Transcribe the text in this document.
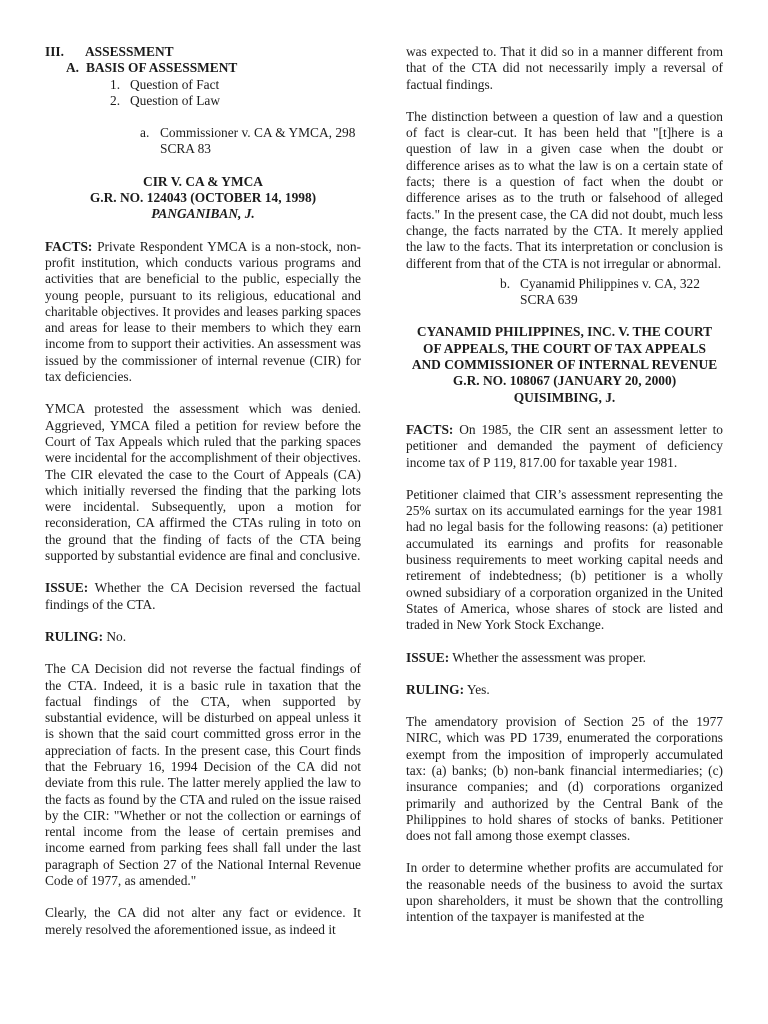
III.	ASSESSMENT
A. BASIS OF ASSESSMENT
1. Question of Fact
2. Question of Law
a. Commissioner v. CA & YMCA, 298 SCRA 83
CIR V. CA & YMCA
G.R. NO. 124043 (OCTOBER 14, 1998)
PANGANIBAN, J.

FACTS: Private Respondent YMCA is a non-stock, non-profit institution, which conducts various programs and activities that are beneficial to the public, especially the young people, pursuant to its religious, educational and charitable objectives. It provides and leases parking spaces and areas for lease to their members to which they earn income from to support their activities. An assessment was issued by the commissioner of internal revenue (CIR) for tax deficiencies.

YMCA protested the assessment which was denied. Aggrieved, YMCA filed a petition for review before the Court of Tax Appeals which ruled that the parking spaces were incidental for the accomplishment of their objectives. The CIR elevated the case to the Court of Appeals (CA) which initially reversed the finding that the parking lots were incidental. Subsequently, upon a motion for reconsideration, CA affirmed the CTAs ruling in toto on the ground that the finding of facts of the CTA being supported by substantial evidence are final and conclusive.

ISSUE: Whether the CA Decision reversed the factual findings of the CTA.

RULING: No.

The CA Decision did not reverse the factual findings of the CTA. Indeed, it is a basic rule in taxation that the factual findings of the CTA, when supported by substantial evidence, will be disturbed on appeal unless it is shown that the said court committed gross error in the appreciation of facts. In the present case, this Court finds that the February 16, 1994 Decision of the CA did not deviate from this rule. The latter merely applied the law to the facts as found by the CTA and ruled on the issue raised by the CIR: "Whether or not the collection or earnings of rental income from the lease of certain premises and income earned from parking fees shall fall under the last paragraph of Section 27 of the National Internal Revenue Code of 1977, as amended."

Clearly, the CA did not alter any fact or evidence. It merely resolved the aforementioned issue, as indeed it

was expected to. That it did so in a manner different from that of the CTA did not necessarily imply a reversal of factual findings.

The distinction between a question of law and a question of fact is clear-cut. It has been held that "[t]here is a question of law in a given case when the doubt or difference arises as to what the law is on a certain state of facts; there is a question of fact when the doubt or difference arises as to the truth or falsehood of alleged facts." In the present case, the CA did not doubt, much less change, the facts narrated by the CTA. It merely applied the law to the facts. That its interpretation or conclusion is different from that of the CTA is not irregular or abnormal.

b. Cyanamid Philippines v. CA, 322 SCRA 639
CYANAMID PHILIPPINES, INC. V. THE COURT
OF APPEALS, THE COURT OF TAX APPEALS
AND COMMISSIONER OF INTERNAL REVENUE
G.R. NO. 108067 (JANUARY 20, 2000)
QUISIMBING, J.

FACTS: On 1985, the CIR sent an assessment letter to petitioner and demanded the payment of deficiency income tax of P 119, 817.00 for taxable year 1981.

Petitioner claimed that CIR’s assessment representing the 25% surtax on its accumulated earnings for the year 1981 had no legal basis for the following reasons: (a) petitioner accumulated its earnings and profits for reasonable business requirements to meet working capital needs and retirement of indebtedness; (b) petitioner is a wholly owned subsidiary of a corporation organized in the United States of America, whose shares of stock are listed and traded in New York Stock Exchange.

ISSUE: Whether the assessment was proper.

RULING: Yes.

The amendatory provision of Section 25 of the 1977 NIRC, which was PD 1739, enumerated the corporations exempt from the imposition of improperly accumulated tax: (a) banks; (b) non-bank financial intermediaries; (c) insurance companies; and (d) corporations organized primarily and authorized by the Central Bank of the Philippines to hold shares of stocks of banks. Petitioner does not fall among those exempt classes.

In order to determine whether profits are accumulated for the reasonable needs of the business to avoid the surtax upon shareholders, it must be shown that the controlling intention of the taxpayer is manifested at the
